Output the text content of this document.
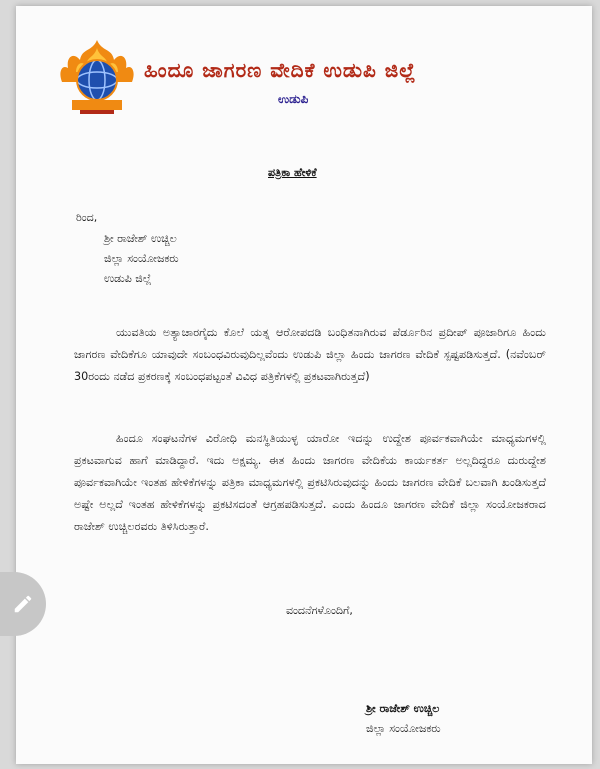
ಹಿಂದೂ ಜಾಗರಣ ವೇದಿಕೆ ಉಡುಪಿ ಜಿಲ್ಲೆ
ಉಡುಪಿ
ಪತ್ರಿಕಾ ಹೇಳಿಕೆ
ರಿಂದ,
ಶ್ರೀ ರಾಜೇಶ್ ಉಚ್ಚಿಲ
ಜಿಲ್ಲಾ ಸಂಯೋಜಕರು
ಉಡುಪಿ ಜಿಲ್ಲೆ
ಯುವತಿಯ ಅತ್ಯಾಚಾರಗೈದು ಕೊಲೆ ಯತ್ನ ಆರೋಪದಡಿ ಬಂಧಿತನಾಗಿರುವ ಪೆರ್ಡೂರಿನ ಪ್ರದೀಪ್ ಪೂಜಾರಿಗೂ ಹಿಂದು ಜಾಗರಣ ವೇದಿಕೆಗೂ ಯಾವುದೇ ಸಂಬಂಧವಿರುವುದಿಲ್ಲವೆಂದು ಉಡುಪಿ ಜಿಲ್ಲಾ ಹಿಂದು ಜಾಗರಣ ವೇದಿಕೆ ಸ್ಪಷ್ಟಪಡಿಸುತ್ತದೆ. (ನವೆಂಬರ್ 30ರಂದು ನಡೆದ ಪ್ರಕರಣಕ್ಕೆ ಸಂಬಂಧಪಟ್ಟಂತೆ ವಿವಿಧ ಪತ್ರಿಕೆಗಳಲ್ಲಿ ಪ್ರಕಟವಾಗಿರುತ್ತದೆ)
ಹಿಂದೂ ಸಂಘಟನೆಗಳ ವಿರೋಧಿ ಮನಸ್ಥಿತಿಯುಳ್ಳ ಯಾರೋ ಇದನ್ನು ಉದ್ದೇಶ ಪೂರ್ವಕವಾಗಿಯೇ ಮಾಧ್ಯಮಗಳಲ್ಲಿ ಪ್ರಕಟವಾಗುವ ಹಾಗೆ ಮಾಡಿದ್ದಾರೆ. ಇದು ಅಕ್ಷಮ್ಯ. ಈತ ಹಿಂದು ಜಾಗರಣ ವೇದಿಕೆಯ ಕಾರ್ಯಕರ್ತ ಅಲ್ಲದಿದ್ದರೂ ದುರುದ್ದೇಶ ಪೂರ್ವಕವಾಗಿಯೇ ಇಂತಹ ಹೇಳಿಕೆಗಳನ್ನು ಪತ್ರಿಕಾ ಮಾಧ್ಯಮಗಳಲ್ಲಿ ಪ್ರಕಟಿಸಿರುವುದನ್ನು ಹಿಂದು ಜಾಗರಣ ವೇದಿಕೆ ಬಲವಾಗಿ ಖಂಡಿಸುತ್ತದೆ ಅಷ್ಟೇ ಅಲ್ಲದೆ ಇಂತಹ ಹೇಳಿಕೆಗಳನ್ನು ಪ್ರಕಟಿಸದಂತೆ ಆಗ್ರಹಪಡಿಸುತ್ತದೆ. ಎಂದು ಹಿಂದೂ ಜಾಗರಣ ವೇದಿಕೆ ಜಿಲ್ಲಾ ಸಂಯೋಜಕರಾದ ರಾಜೇಶ್ ಉಚ್ಚಿಲರವರು ತಿಳಿಸಿರುತ್ತಾರೆ.
ವಂದನೆಗಳೊಂದಿಗೆ,
ಶ್ರೀ ರಾಜೇಶ್ ಉಚ್ಚಿಲ
ಜಿಲ್ಲಾ ಸಂಯೋಜಕರು
